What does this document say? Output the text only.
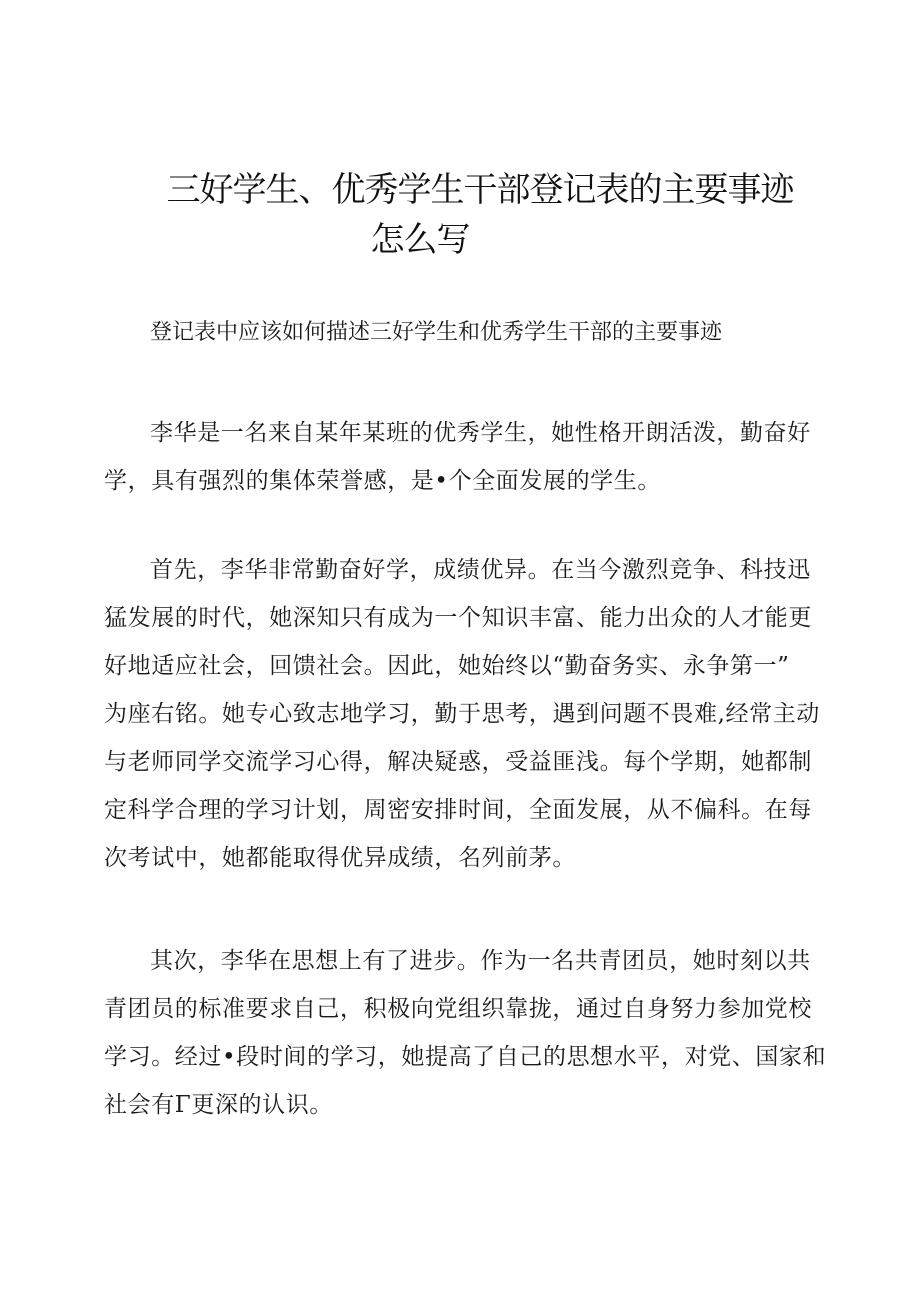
三好学生、优秀学生干部登记表的主要事迹
怎么写

登记表中应该如何描述三好学生和优秀学生干部的主要事迹

李华是一名来自某年某班的优秀学生，她性格开朗活泼，勤奋好
学，具有强烈的集体荣誉感，是•个全面发展的学生。

首先，李华非常勤奋好学，成绩优异。在当今激烈竞争、科技迅
猛发展的时代，她深知只有成为一个知识丰富、能力出众的人才能更
好地适应社会，回馈社会。因此，她始终以“勤奋务实、永争第一”
为座右铭。她专心致志地学习，勤于思考，遇到问题不畏难,经常主动
与老师同学交流学习心得，解决疑惑，受益匪浅。每个学期，她都制
定科学合理的学习计划，周密安排时间，全面发展，从不偏科。在每
次考试中，她都能取得优异成绩，名列前茅。

其次，李华在思想上有了进步。作为一名共青团员，她时刻以共
青团员的标准要求自己，积极向党组织靠拢，通过自身努力参加党校
学习。经过•段时间的学习，她提高了自己的思想水平，对党、国家和
社会有Γ更深的认识。
